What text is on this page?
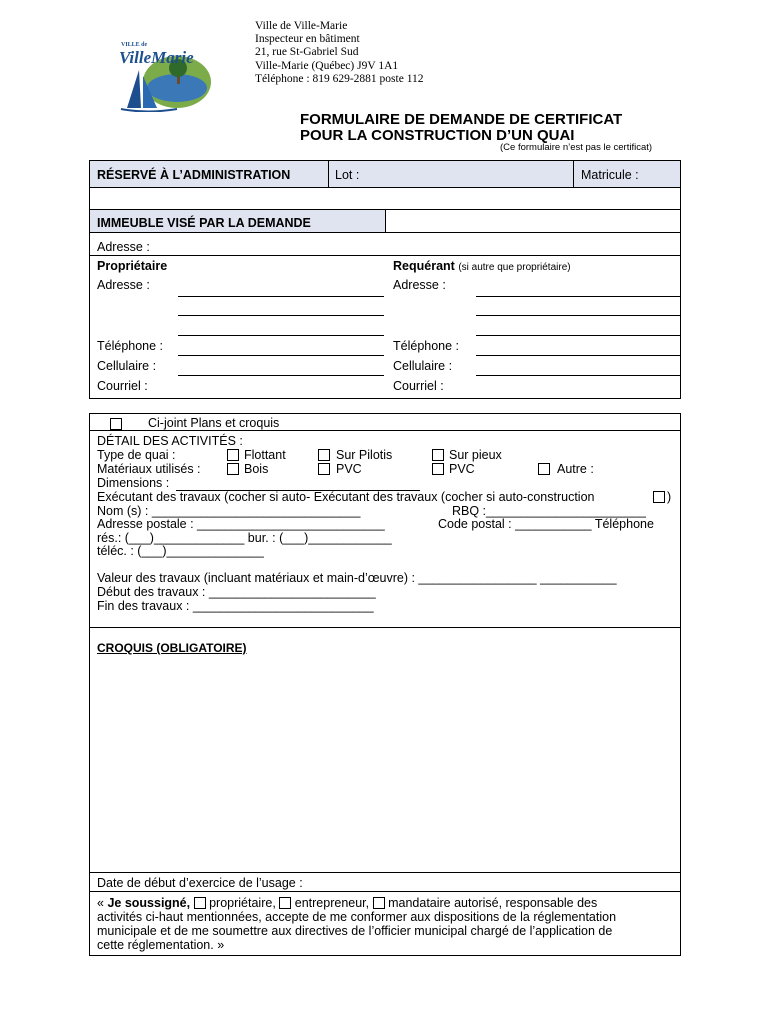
VILLE de
VilleMarie
Ville de Ville-Marie
Inspecteur en bâtiment
21, rue St-Gabriel Sud
Ville-Marie (Québec) J9V 1A1
Téléphone : 819 629-2881 poste 112
FORMULAIRE DE DEMANDE DE CERTIFICAT
POUR LA CONSTRUCTION D’UN QUAI
(Ce formulaire n’est pas le certificat)
RÉSERVÉ À L’ADMINISTRATION	Lot :	Matricule :
IMMEUBLE VISÉ PAR LA DEMANDE
Adresse :
Propriétaire
Adresse :
Téléphone :
Cellulaire :
Courriel :
Requérant (si autre que propriétaire)
Adresse :
Téléphone :
Cellulaire :
Courriel :
Ci-joint Plans et croquis
DÉTAIL DES ACTIVITÉS :
Type de quai :	Flottant	Sur Pilotis	Sur pieux
Matériaux utilisés :	Bois	PVC	PVC	Autre :
Dimensions :
Exécutant des travaux (cocher si auto- Exécutant des travaux (cocher si auto-construction	)
Nom (s) : ______________________________	RBQ :_______________________
Adresse postale : ___________________________	Code postal : ___________ Téléphone
rés.: (___)_____________ bur. : (___)____________
téléc. : (___)______________
Valeur des travaux (incluant matériaux et main-d’œuvre) : _________________ ___________
Début des travaux : ________________________
Fin des travaux : __________________________
CROQUIS (OBLIGATOIRE)
Date de début d’exercice de l’usage :
« Je soussigné, propriétaire, entrepreneur, mandataire autorisé, responsable des
activités ci-haut mentionnées, accepte de me conformer aux dispositions de la réglementation
municipale et de me soumettre aux directives de l’officier municipal chargé de l’application de
cette réglementation. »
